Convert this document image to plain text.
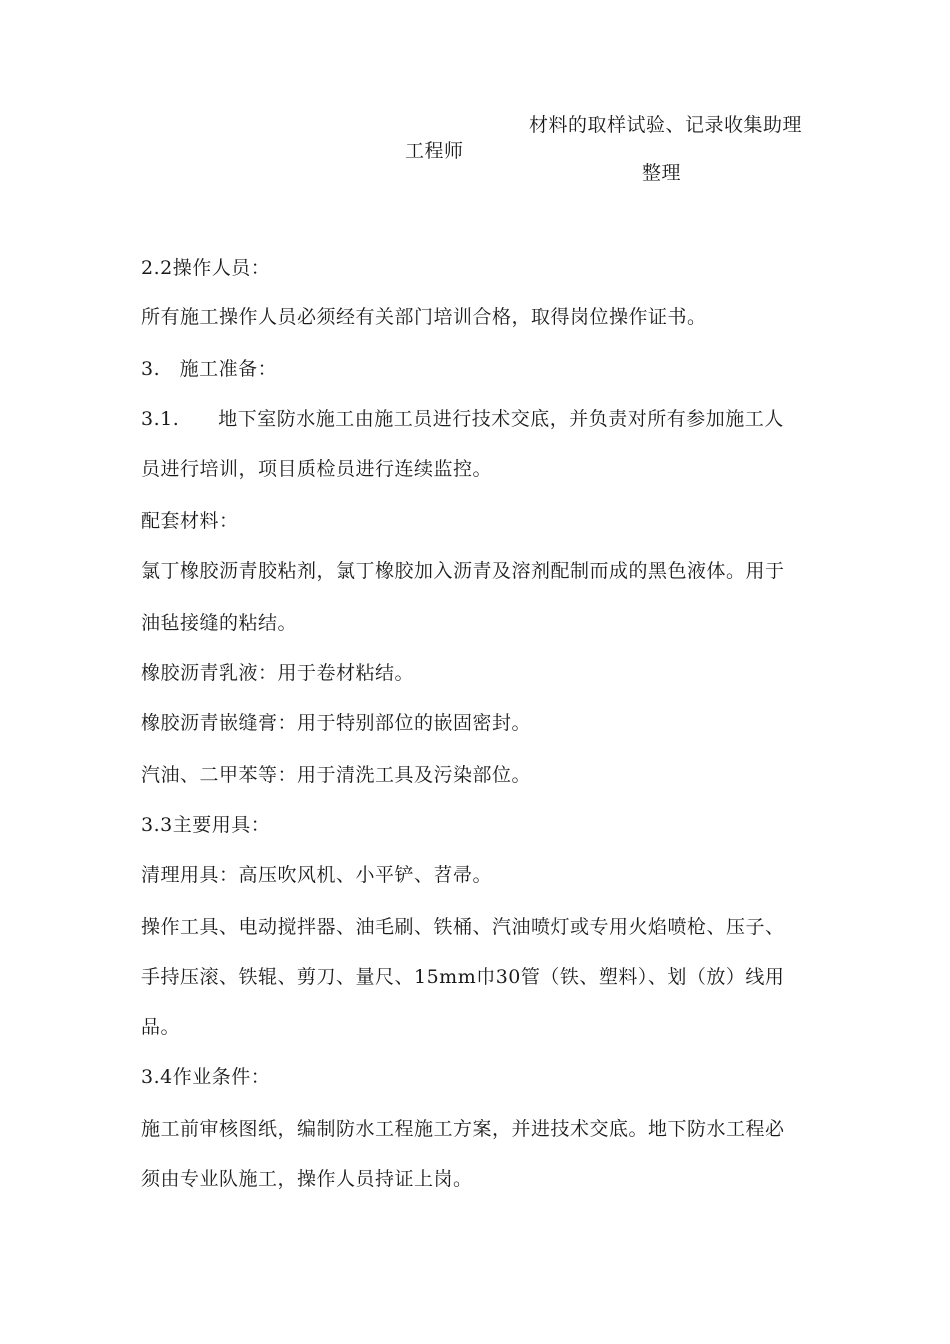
材料的取样试验、记录收集助理
工程师
整理
2.2操作人员：
所有施工操作人员必须经有关部门培训合格，取得岗位操作证书。
3.　施工准备：
3.1.　　地下室防水施工由施工员进行技术交底，并负责对所有参加施工人
员进行培训，项目质检员进行连续监控。
配套材料：
氯丁橡胶沥青胶粘剂，氯丁橡胶加入沥青及溶剂配制而成的黑色液体。用于
油毡接缝的粘结。
橡胶沥青乳液：用于卷材粘结。
橡胶沥青嵌缝膏：用于特别部位的嵌固密封。
汽油、二甲苯等：用于清洗工具及污染部位。
3.3主要用具：
清理用具：高压吹风机、小平铲、苕帚。
操作工具、电动搅拌器、油毛刷、铁桶、汽油喷灯或专用火焰喷枪、压子、
手持压滚、铁辊、剪刀、量尺、15mm巾30管（铁、塑料）、划（放）线用
品。
3.4作业条件：
施工前审核图纸，编制防水工程施工方案，并进技术交底。地下防水工程必
须由专业队施工，操作人员持证上岗。
